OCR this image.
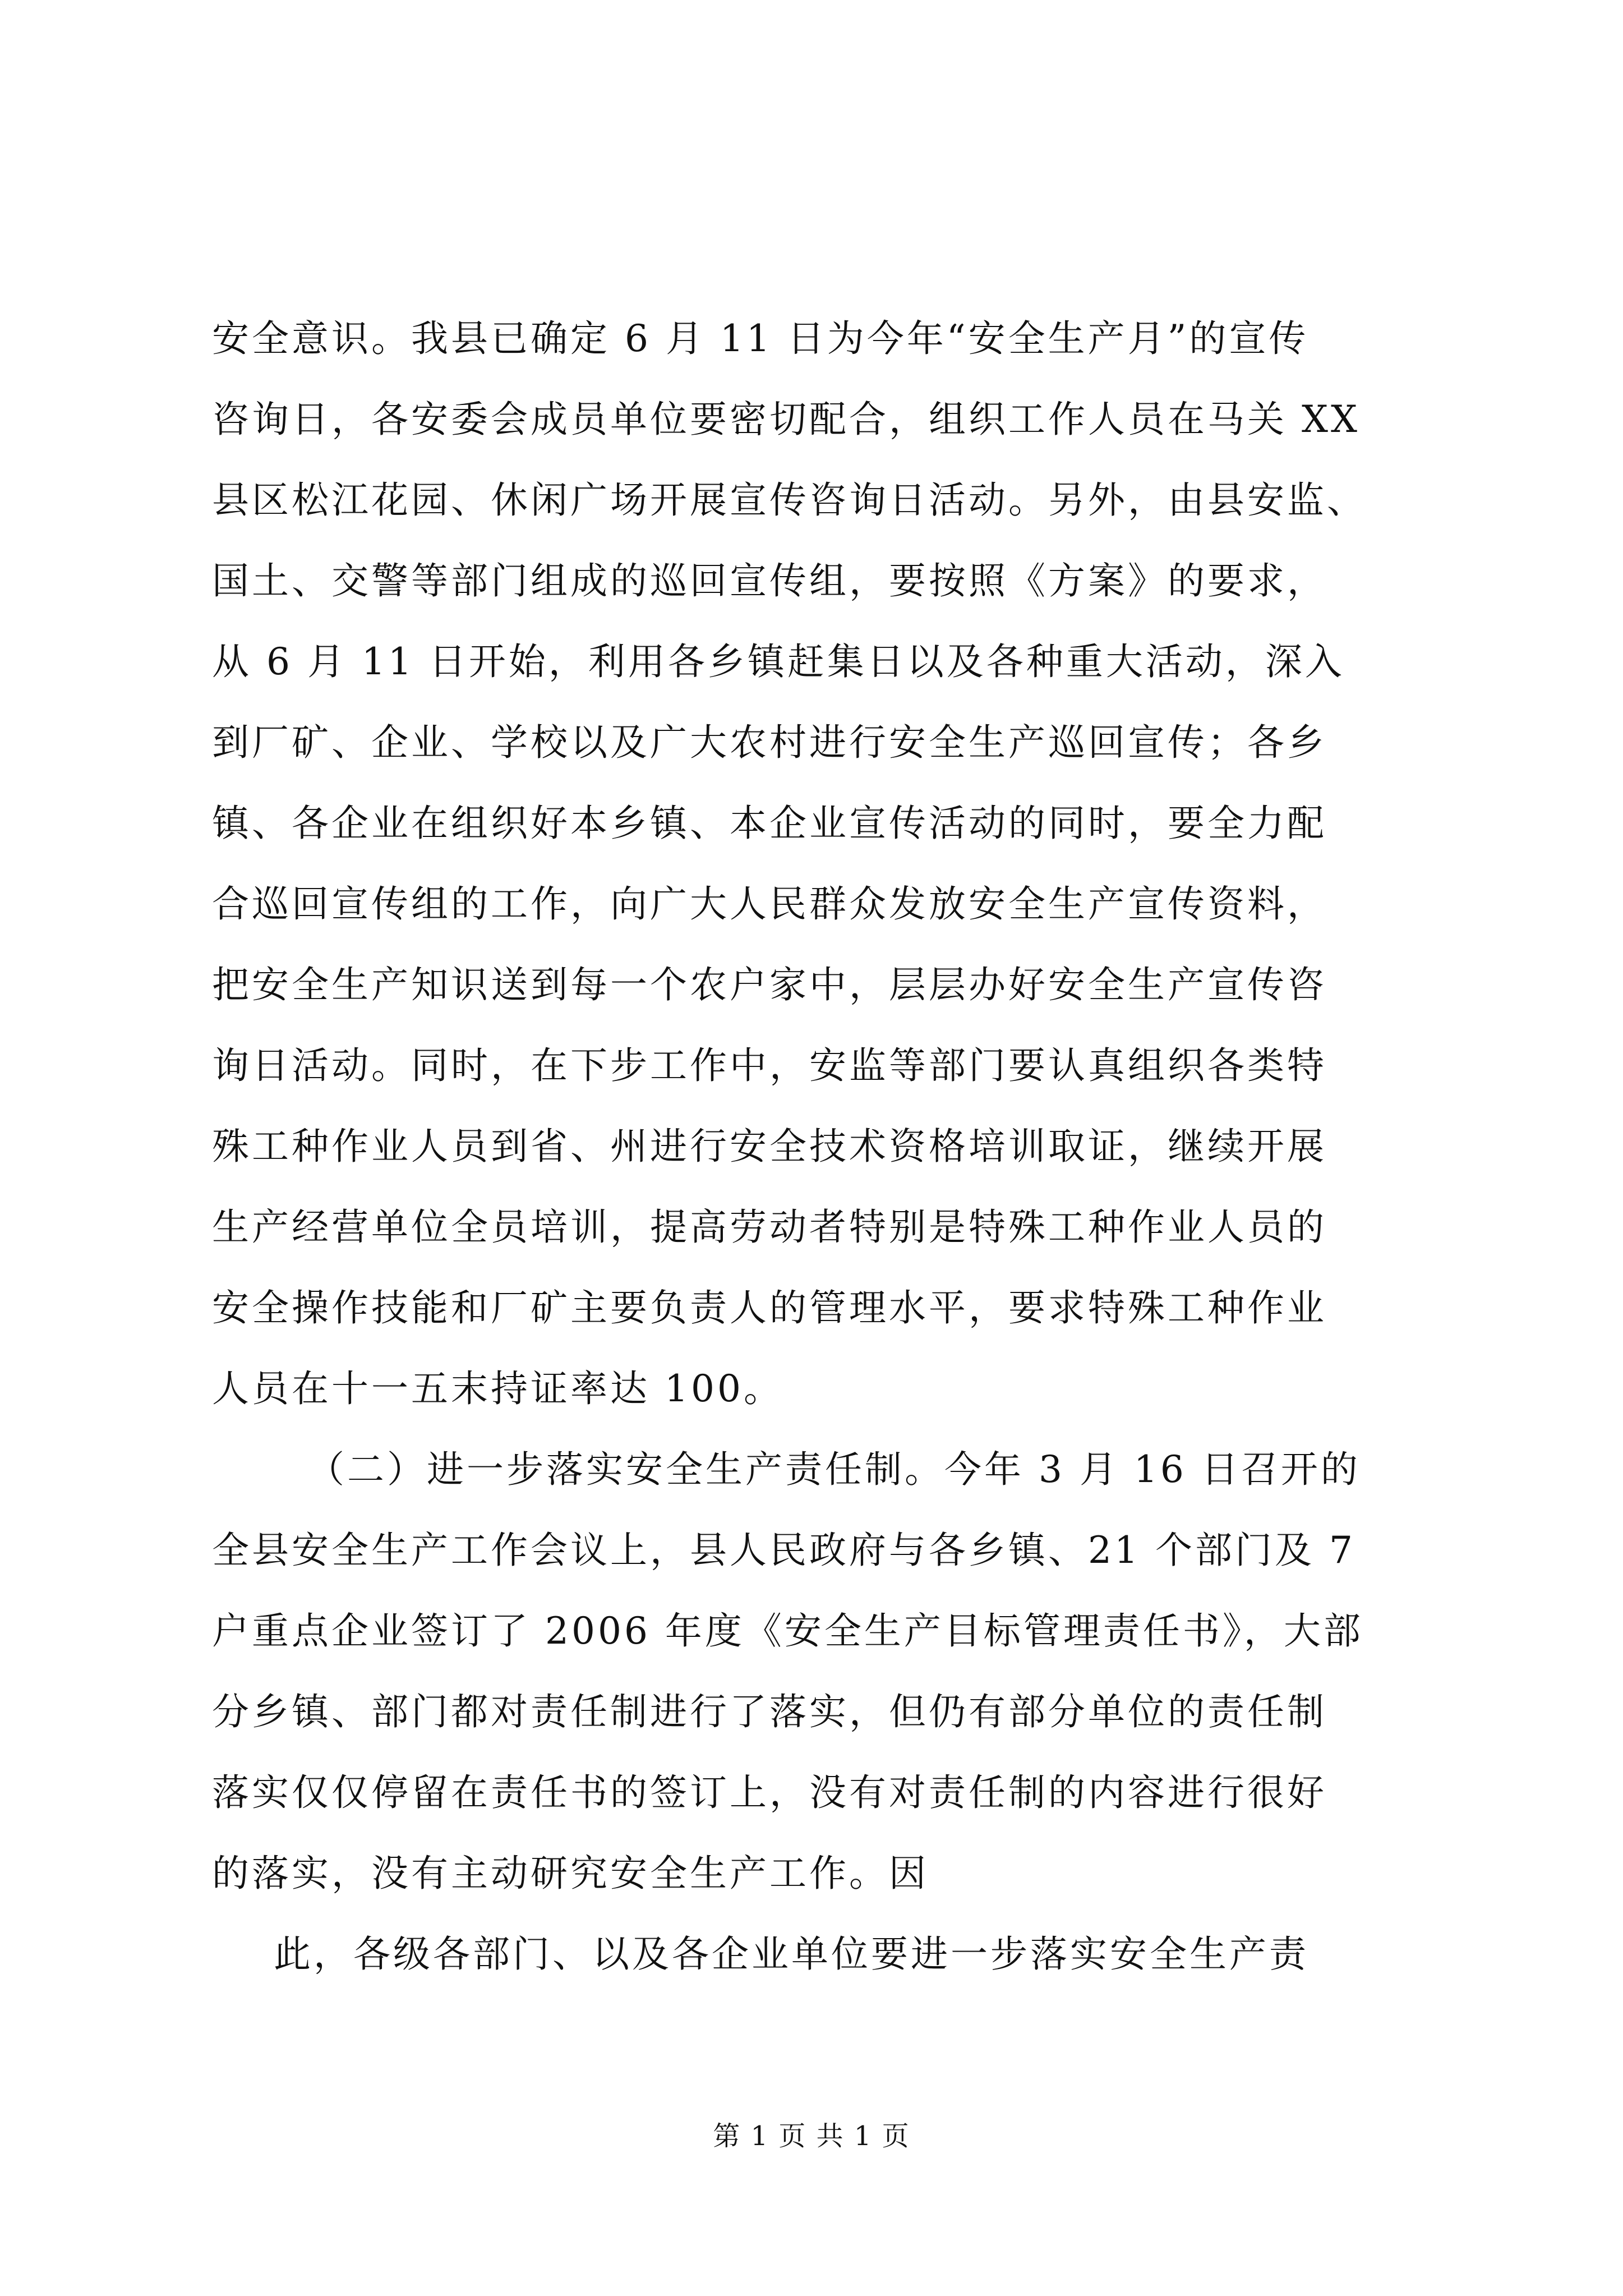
安全意识。我县已确定 6 月 11 日为今年“安全生产月”的宣传
咨询日，各安委会成员单位要密切配合，组织工作人员在马关 XX
县区松江花园、休闲广场开展宣传咨询日活动。另外，由县安监、
国土、交警等部门组成的巡回宣传组，要按照《方案》的要求，
从 6 月 11 日开始，利用各乡镇赶集日以及各种重大活动，深入
到厂矿、企业、学校以及广大农村进行安全生产巡回宣传；各乡
镇、各企业在组织好本乡镇、本企业宣传活动的同时，要全力配
合巡回宣传组的工作，向广大人民群众发放安全生产宣传资料，
把安全生产知识送到每一个农户家中，层层办好安全生产宣传咨
询日活动。同时，在下步工作中，安监等部门要认真组织各类特
殊工种作业人员到省、州进行安全技术资格培训取证，继续开展
生产经营单位全员培训，提高劳动者特别是特殊工种作业人员的
安全操作技能和厂矿主要负责人的管理水平，要求特殊工种作业
人员在十一五末持证率达 100。
（二）进一步落实安全生产责任制。今年 3 月 16 日召开的
全县安全生产工作会议上，县人民政府与各乡镇、21 个部门及 7
户重点企业签订了 2006 年度《安全生产目标管理责任书》，大部
分乡镇、部门都对责任制进行了落实，但仍有部分单位的责任制
落实仅仅停留在责任书的签订上，没有对责任制的内容进行很好
的落实，没有主动研究安全生产工作。因
此，各级各部门、以及各企业单位要进一步落实安全生产责
第 1 页 共 1 页
